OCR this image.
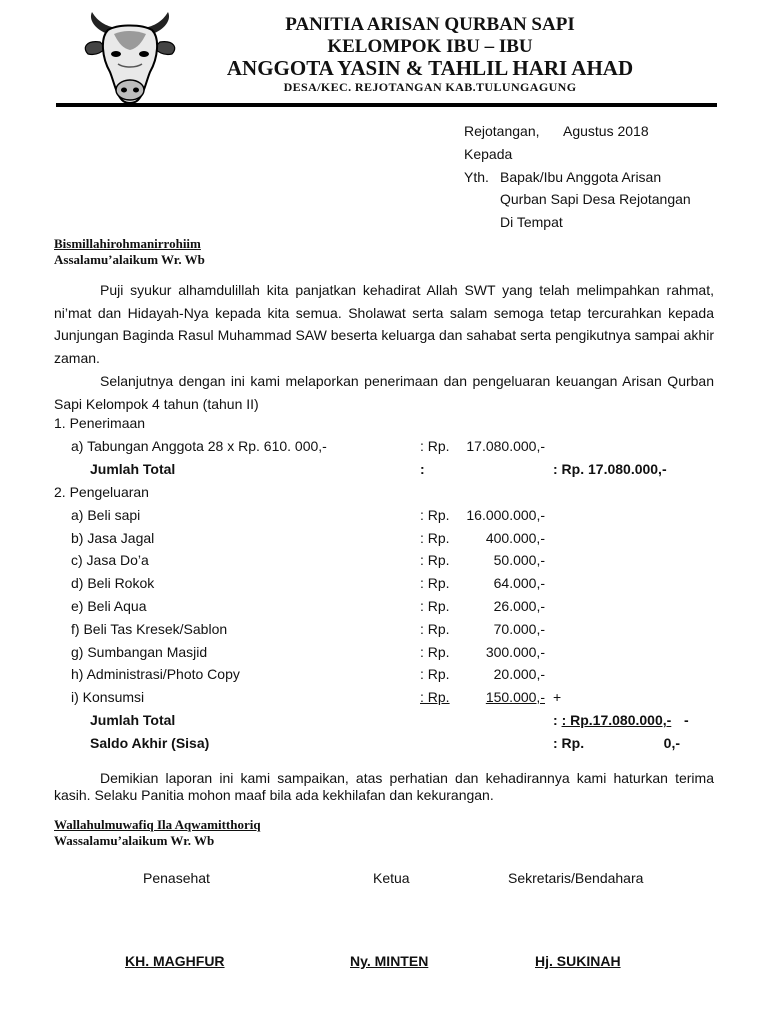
PANITIA ARISAN QURBAN SAPI
KELOMPOK IBU – IBU
ANGGOTA YASIN & TAHLIL HARI AHAD
DESA/KEC. REJOTANGAN KAB.TULUNGAGUNG
Rejotangan, Agustus 2018
Kepada
Yth. Bapak/Ibu Anggota Arisan
Qurban Sapi Desa Rejotangan
Di Tempat
Bismillahirohmanirrohiim
Assalamu’alaikum Wr. Wb
Puji syukur alhamdulillah kita panjatkan kehadirat Allah SWT yang telah melimpahkan rahmat, ni’mat dan Hidayah-Nya kepada kita semua. Sholawat serta salam semoga tetap tercurahkan kepada Junjungan Baginda Rasul Muhammad SAW beserta keluarga dan sahabat serta pengikutnya sampai akhir zaman.
Selanjutnya dengan ini kami melaporkan penerimaan dan pengeluaran keuangan Arisan Qurban Sapi Kelompok 4 tahun (tahun II)
1. Penerimaan
a) Tabungan Anggota 28 x Rp. 610. 000,-	: Rp.	17.080.000,-
Jumlah Total	:	: Rp. 17.080.000,-
2. Pengeluaran
a) Beli sapi	: Rp.	16.000.000,-
b) Jasa Jagal	: Rp.	400.000,-
c) Jasa Do’a	: Rp.	50.000,-
d) Beli Rokok	: Rp.	64.000,-
e) Beli Aqua	: Rp.	26.000,-
f) Beli Tas Kresek/Sablon	: Rp.	70.000,-
g) Sumbangan Masjid	: Rp.	300.000,-
h) Administrasi/Photo Copy	: Rp.	20.000,-
i) Konsumsi	: Rp.	150.000,- +
Jumlah Total	: : Rp.17.080.000,- -
Saldo Akhir (Sisa)	: Rp.	0,-
Demikian laporan ini kami sampaikan, atas perhatian dan kehadirannya kami haturkan terima kasih. Selaku Panitia mohon maaf bila ada kekhilafan dan kekurangan.
Wallahulmuwafiq Ila Aqwamitthoriq
Wassalamu’alaikum Wr. Wb
Penasehat	Ketua	Sekretaris/Bendahara
KH. MAGHFUR	Ny. MINTEN	Hj. SUKINAH
